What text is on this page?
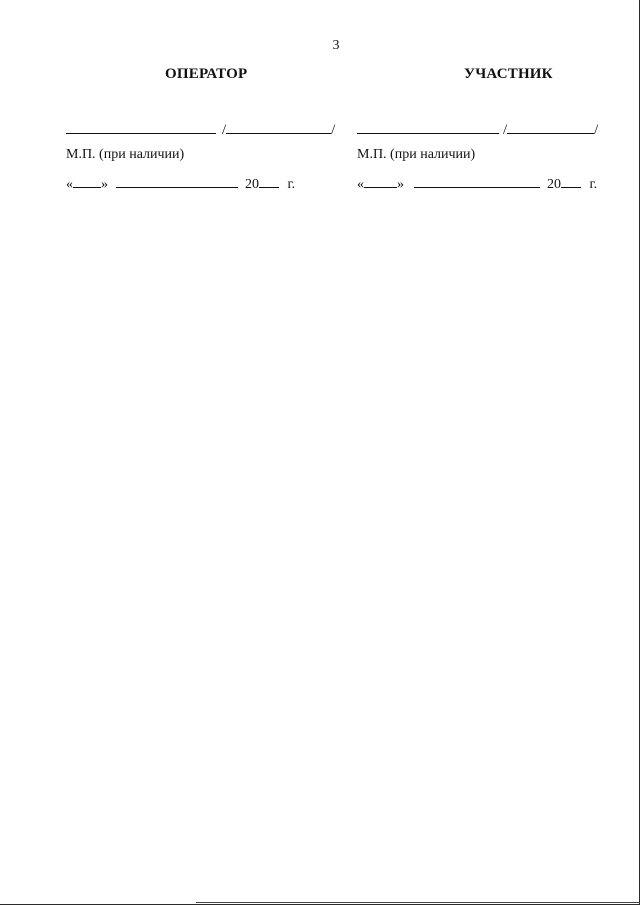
3
ОПЕРАТОР
/	/
М.П. (при наличии)
« »	20 г.
УЧАСТНИК
/	/
М.П. (при наличии)
« »	20 г.
